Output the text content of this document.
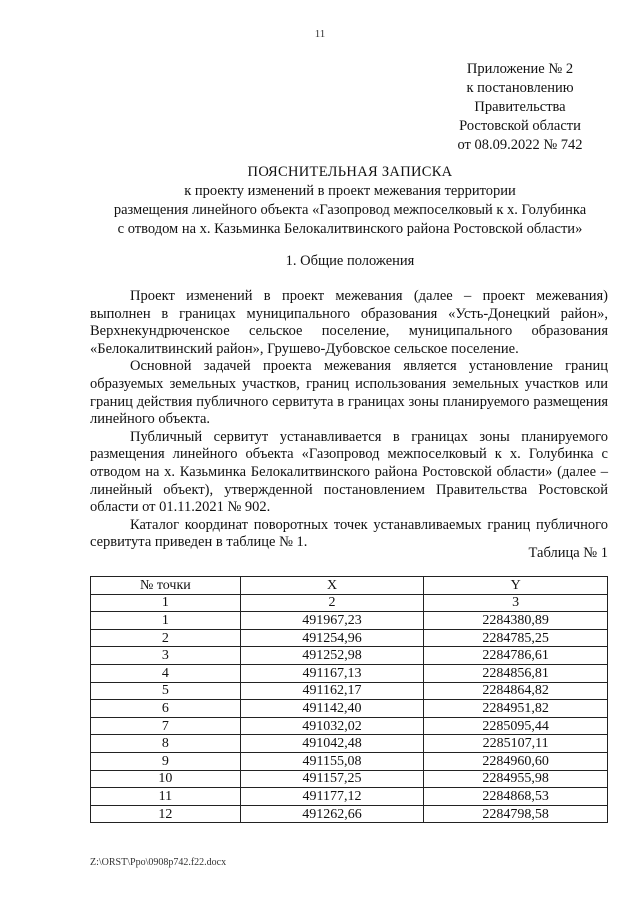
11
Приложение № 2
к постановлению
Правительства
Ростовской области
от 08.09.2022 № 742
ПОЯСНИТЕЛЬНАЯ ЗАПИСКА
к проекту изменений в проект межевания территории
размещения линейного объекта «Газопровод межпоселковый к х. Голубинка
с отводом на х. Казьминка Белокалитвинского района Ростовской области»
1. Общие положения

Проект изменений в проект межевания (далее – проект межевания) выполнен в границах муниципального образования «Усть-Донецкий район», Верхнекундрюченское сельское поселение, муниципального образования «Белокалитвинский район», Грушево-Дубовское сельское поселение.

Основной задачей проекта межевания является установление границ образуемых земельных участков, границ использования земельных участков или границ действия публичного сервитута в границах зоны планируемого размещения линейного объекта.

Публичный сервитут устанавливается в границах зоны планируемого размещения линейного объекта «Газопровод межпоселковый к х. Голубинка с отводом на х. Казьминка Белокалитвинского района Ростовской области» (далее – линейный объект), утвержденной постановлением Правительства Ростовской области от 01.11.2021 № 902.

Каталог координат поворотных точек устанавливаемых границ публичного сервитута приведен в таблице № 1.

Таблица № 1
№ точки	X	Y
1	2	3
1	491967,23	2284380,89
2	491254,96	2284785,25
3	491252,98	2284786,61
4	491167,13	2284856,81
5	491162,17	2284864,82
6	491142,40	2284951,82
7	491032,02	2285095,44
8	491042,48	2285107,11
9	491155,08	2284960,60
10	491157,25	2284955,98
11	491177,12	2284868,53
12	491262,66	2284798,58
Z:\ORST\Ppo\0908p742.f22.docx
